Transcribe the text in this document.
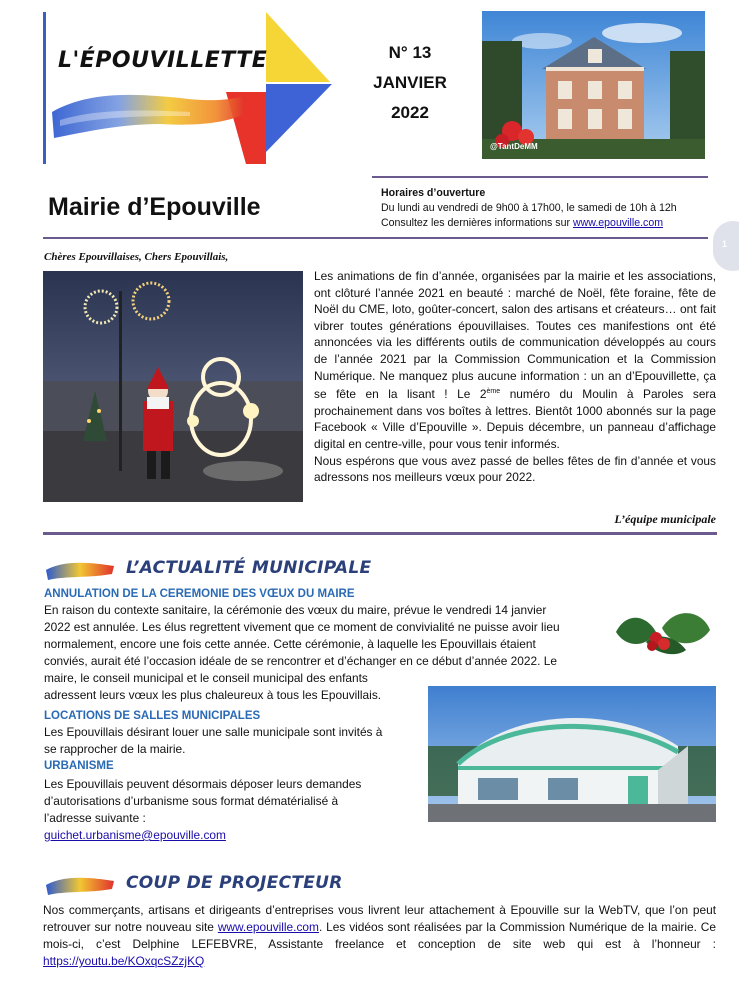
L'ÉPOUVILLETTE	N° 13
JANVIER
2022
@TantDeMM
Mairie d’Epouville	Horaires d’ouverture
Du lundi au vendredi de 9h00 à 17h00, le samedi de 10h à 12h
Consultez les dernières informations sur www.epouville.com
1
Chères Epouvillaises, Chers Epouvillais,

Les animations de fin d’année, organisées par la mairie et les associations, ont clôturé l’année 2021 en beauté : marché de Noël, fête foraine, fête de Noël du CME, loto, goûter-concert, salon des artisans et créateurs… ont fait vibrer toutes générations épouvillaises. Toutes ces manifestions ont été annoncées via les différents outils de communication développés au cours de l’année 2021 par la Commission Communication et la Commission Numérique. Ne manquez plus aucune information : un an d’Epouvillette, ça se fête en la lisant ! Le 2ème numéro du Moulin à Paroles sera prochainement dans vos boîtes à lettres. Bientôt 1000 abonnés sur la page Facebook « Ville d’Epouville ». Depuis décembre, un panneau d’affichage digital en centre-ville, pour vous tenir informés.

Nous espérons que vous avez passé de belles fêtes de fin d’année et vous adressons nos meilleurs vœux pour 2022.

L’équipe municipale
L’ACTUALITÉ MUNICIPALE
ANNULATION DE LA CEREMONIE DES VŒUX DU MAIRE
En raison du contexte sanitaire, la cérémonie des vœux du maire, prévue le vendredi 14 janvier
2022 est annulée. Les élus regrettent vivement que ce moment de convivialité ne puisse avoir lieu
normalement, encore une fois cette année. Cette cérémonie, à laquelle les Epouvillais étaient
conviés, aurait été l’occasion idéale de se rencontrer et d’échanger en ce début d’année 2022. Le
maire, le conseil municipal et le conseil municipal des enfants
adressent leurs vœux les plus chaleureux à tous les Epouvillais.
LOCATIONS DE SALLES MUNICIPALES
Les Epouvillais désirant louer une salle municipale sont invités à
se rapprocher de la mairie.
URBANISME
Les Epouvillais peuvent désormais déposer leurs demandes
d’autorisations d’urbanisme sous format dématérialisé à
l’adresse suivante :
guichet.urbanisme@epouville.com
COUP DE PROJECTEUR
Nos commerçants, artisans et dirigeants d’entreprises vous livrent leur attachement à Epouville sur la WebTV, que l’on peut retrouver sur notre nouveau site www.epouville.com. Les vidéos sont réalisées par la Commission Numérique de la mairie. Ce mois-ci, c’est Delphine LEFEBVRE, Assistante freelance et conception de site web qui est à l’honneur : https://youtu.be/KOxqcSZzjKQ
